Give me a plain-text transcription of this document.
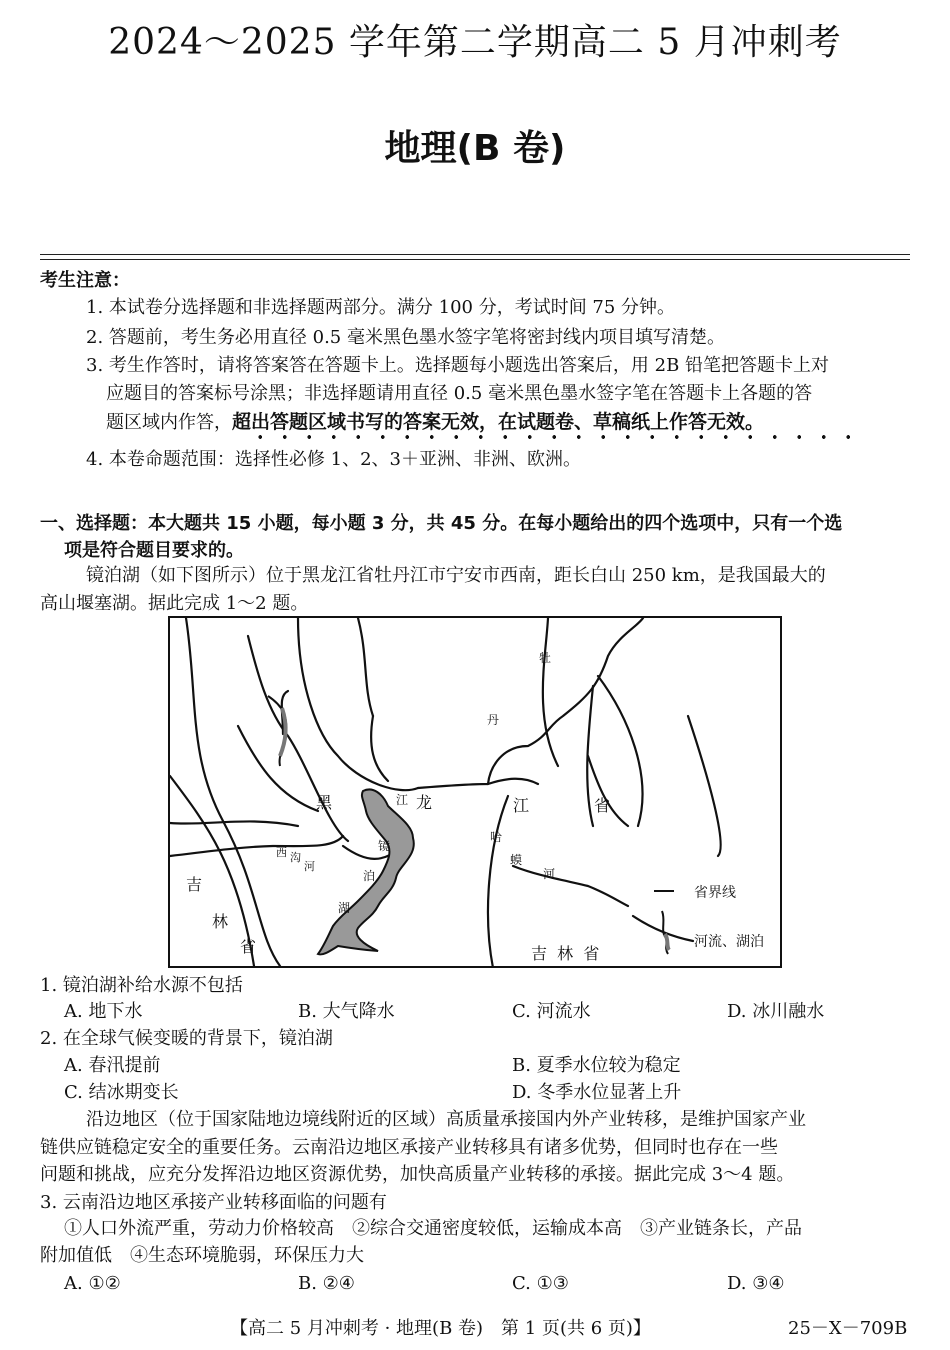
2024～2025 学年第二学期高二 5 月冲刺考
地理(B 卷)
考生注意：
1. 本试卷分选择题和非选择题两部分。满分 100 分，考试时间 75 分钟。
2. 答题前，考生务必用直径 0.5 毫米黑色墨水签字笔将密封线内项目填写清楚。
3. 考生作答时，请将答案答在答题卡上。选择题每小题选出答案后，用 2B 铅笔把答题卡上对
应题目的答案标号涂黑；非选择题请用直径 0.5 毫米黑色墨水签字笔在答题卡上各题的答
题区域内作答，超出答题区域书写的答案无效，在试题卷、草稿纸上作答无效。
4. 本卷命题范围：选择性必修 1、2、3＋亚洲、非洲、欧洲。
一、选择题：本大题共 15 小题，每小题 3 分，共 45 分。在每小题给出的四个选项中，只有一个选
项是符合题目要求的。
镜泊湖（如下图所示）位于黑龙江省牡丹江市宁安市西南，距长白山 250 km，是我国最大的
高山堰塞湖。据此完成 1～2 题。
牡
丹
江	江	省
黑	龙
哈
蟆
河
西 沟
河
镜
泊
湖
吉
林
省	吉  林  省
省界线
河流、湖泊
1. 镜泊湖补给水源不包括
A. 地下水	B. 大气降水	C. 河流水	D. 冰川融水
2. 在全球气候变暖的背景下，镜泊湖
A. 春汛提前	B. 夏季水位较为稳定
C. 结冰期变长	D. 冬季水位显著上升
沿边地区（位于国家陆地边境线附近的区域）高质量承接国内外产业转移，是维护国家产业
链供应链稳定安全的重要任务。云南沿边地区承接产业转移具有诸多优势，但同时也存在一些
问题和挑战，应充分发挥沿边地区资源优势，加快高质量产业转移的承接。据此完成 3～4 题。
3. 云南沿边地区承接产业转移面临的问题有
①人口外流严重，劳动力价格较高　②综合交通密度较低，运输成本高　③产业链条长，产品
附加值低　④生态环境脆弱，环保压力大
A. ①②	B. ②④	C. ①③	D. ③④
【高二 5 月冲刺考 · 地理(B 卷)　第 1 页(共 6 页)】	25－X－709B
